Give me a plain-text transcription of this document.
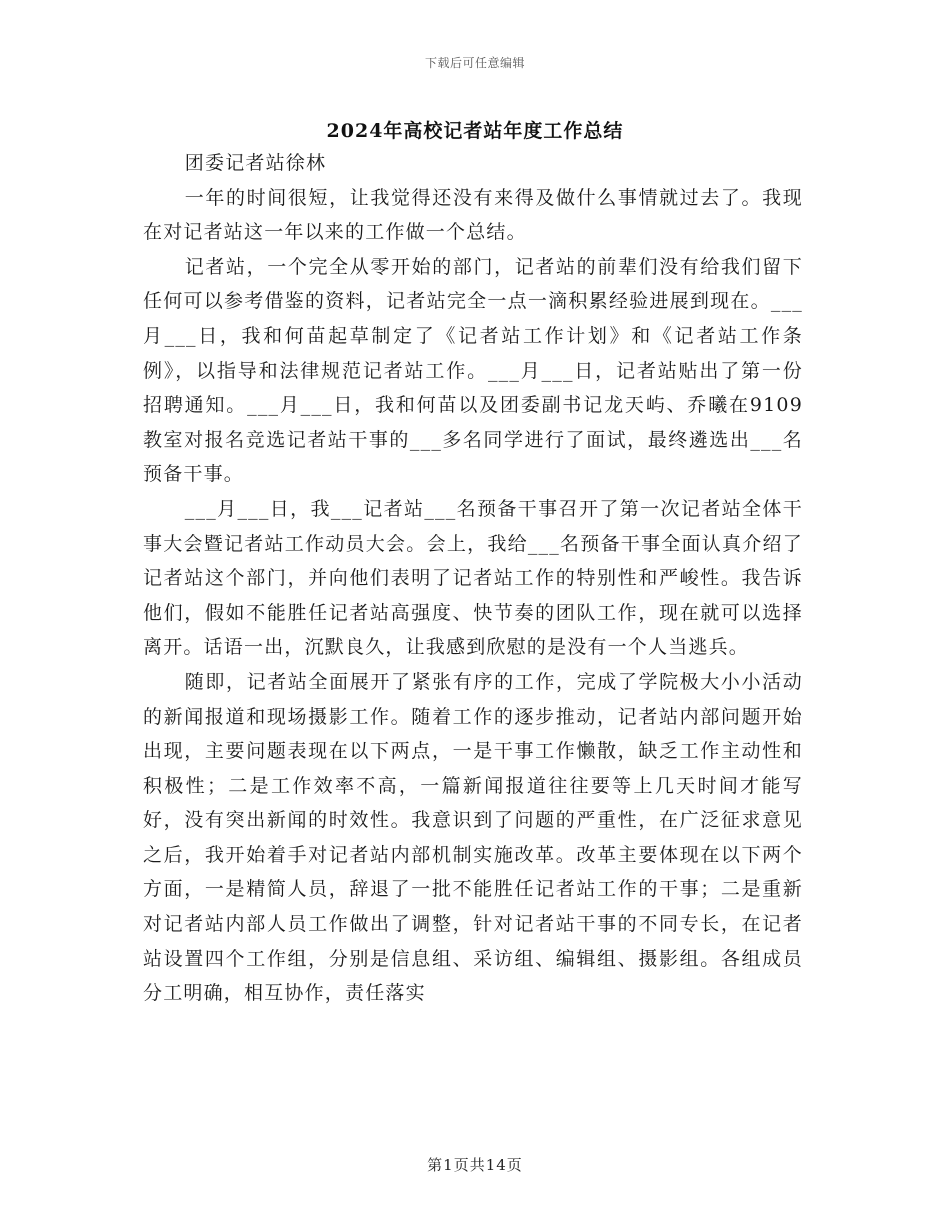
下载后可任意编辑
2024年高校记者站年度工作总结

团委记者站徐林

一年的时间很短，让我觉得还没有来得及做什么事情就过去了。我现在对记者站这一年以来的工作做一个总结。

记者站，一个完全从零开始的部门，记者站的前辈们没有给我们留下任何可以参考借鉴的资料，记者站完全一点一滴积累经验进展到现在。___月___日，我和何苗起草制定了《记者站工作计划》和《记者站工作条例》，以指导和法律规范记者站工作。___月___日，记者站贴出了第一份招聘通知。___月___日，我和何苗以及团委副书记龙天屿、乔曦在9109教室对报名竞选记者站干事的___多名同学进行了面试，最终遴选出___名预备干事。

___月___日，我___记者站___名预备干事召开了第一次记者站全体干事大会暨记者站工作动员大会。会上，我给___名预备干事全面认真介绍了记者站这个部门，并向他们表明了记者站工作的特别性和严峻性。我告诉他们，假如不能胜任记者站高强度、快节奏的团队工作，现在就可以选择离开。话语一出，沉默良久，让我感到欣慰的是没有一个人当逃兵。

随即，记者站全面展开了紧张有序的工作，完成了学院极大小小活动的新闻报道和现场摄影工作。随着工作的逐步推动，记者站内部问题开始出现，主要问题表现在以下两点，一是干事工作懒散，缺乏工作主动性和积极性；二是工作效率不高，一篇新闻报道往往要等上几天时间才能写好，没有突出新闻的时效性。我意识到了问题的严重性，在广泛征求意见之后，我开始着手对记者站内部机制实施改革。改革主要体现在以下两个方面，一是精简人员，辞退了一批不能胜任记者站工作的干事；二是重新对记者站内部人员工作做出了调整，针对记者站干事的不同专长，在记者站设置四个工作组，分别是信息组、采访组、编辑组、摄影组。各组成员分工明确，相互协作，责任落实

第1页共14页
